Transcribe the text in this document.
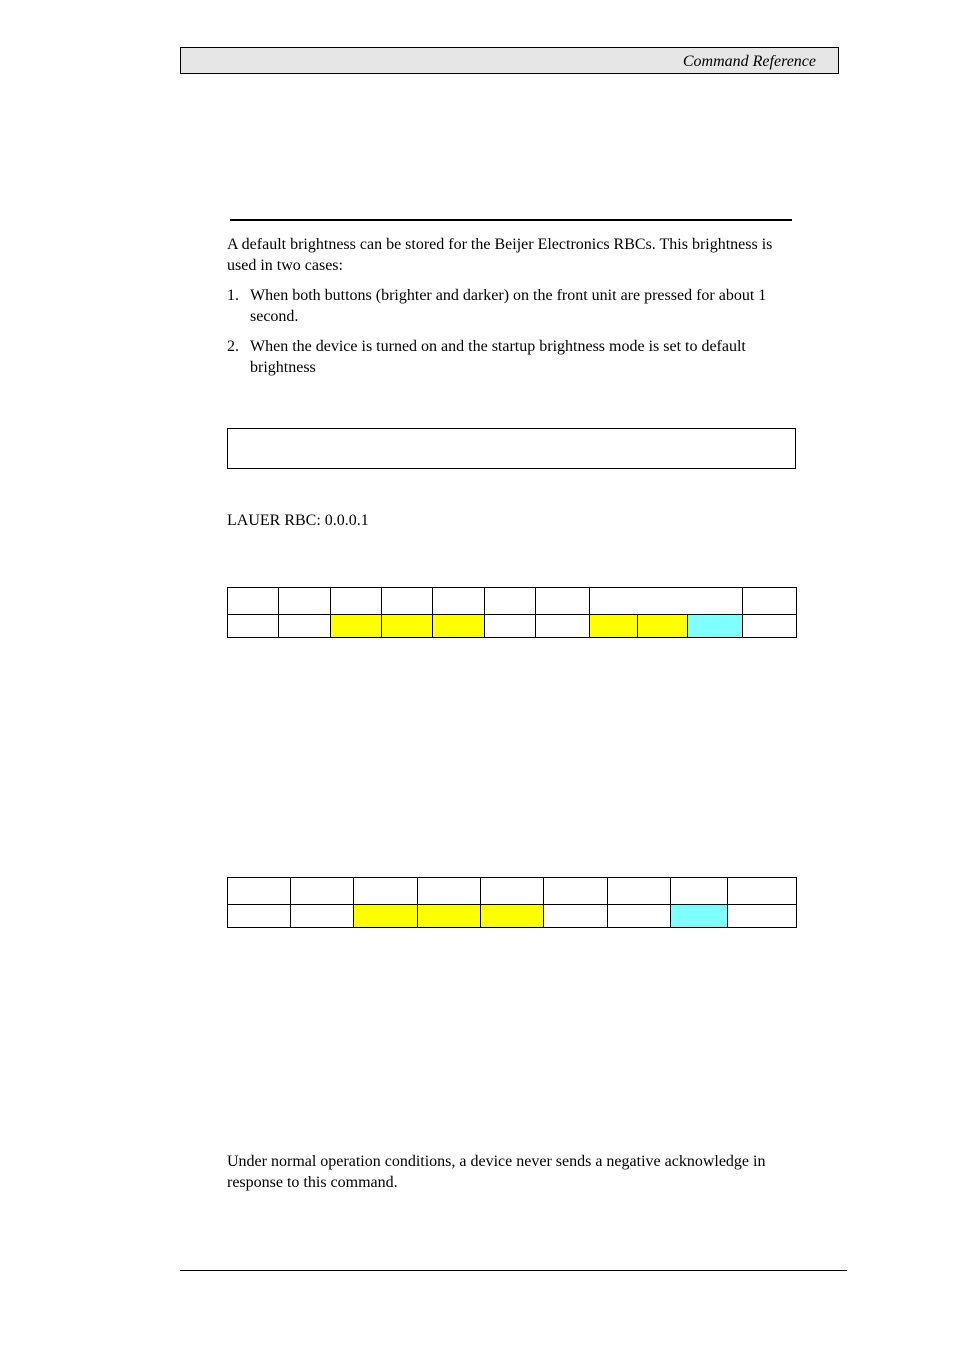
Command Reference
A default brightness can be stored for the Beijer Electronics RBCs. This brightness is used in two cases:
1. When both buttons (brighter and darker) on the front unit are pressed for about 1 second.
2. When the device is turned on and the startup brightness mode is set to default brightness
LAUER RBC: 0.0.0.1

Under normal operation conditions, a device never sends a negative acknowledge in response to this command.
